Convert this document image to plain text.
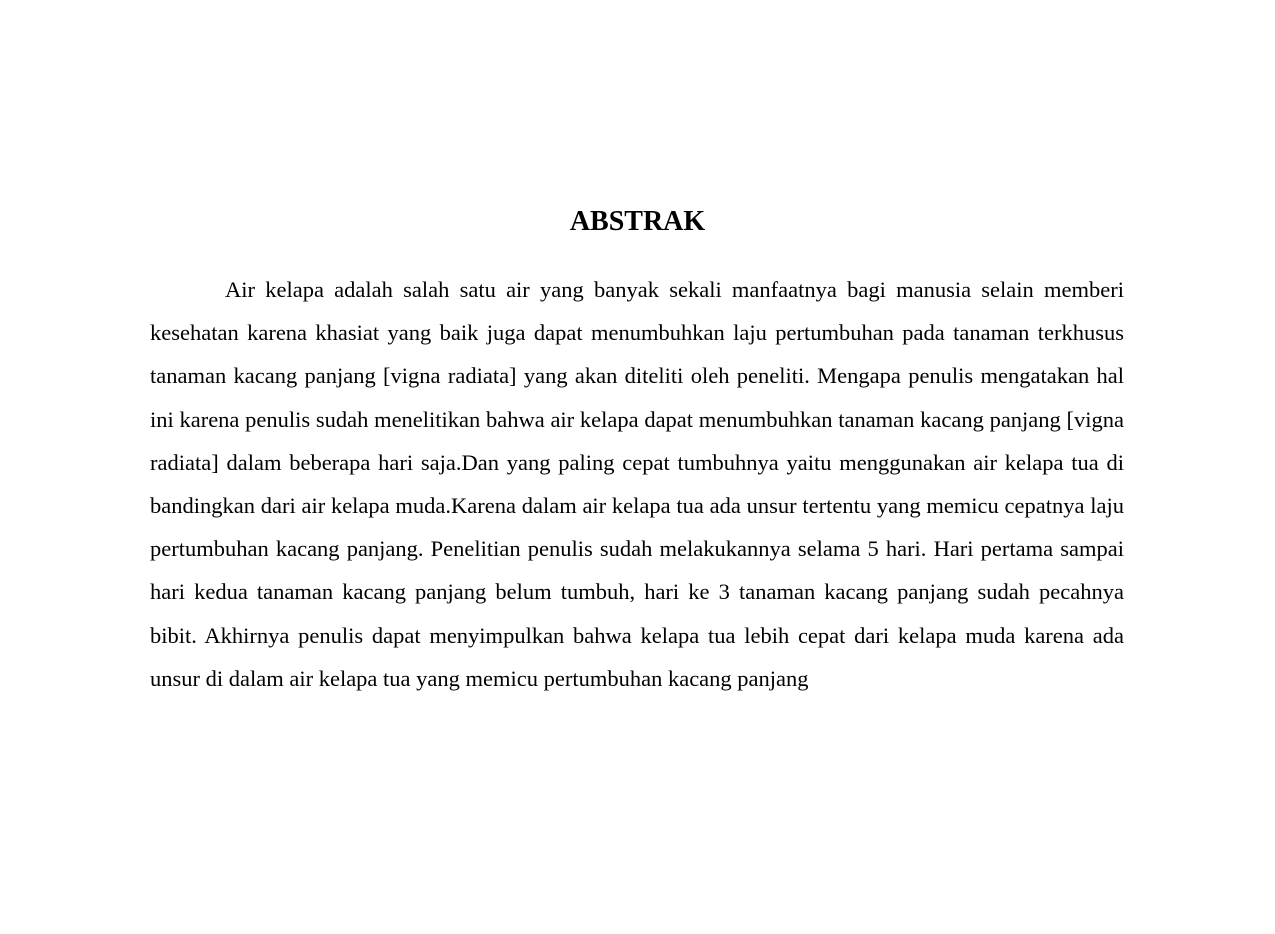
ABSTRAK

Air kelapa adalah salah satu air yang banyak sekali manfaatnya bagi manusia selain memberi kesehatan karena khasiat yang baik juga dapat menumbuhkan laju pertumbuhan pada tanaman terkhusus tanaman kacang panjang [vigna radiata] yang akan diteliti oleh peneliti. Mengapa penulis mengatakan hal ini karena penulis sudah menelitikan bahwa air kelapa dapat menumbuhkan tanaman kacang panjang [vigna radiata] dalam beberapa hari saja.Dan yang paling cepat tumbuhnya yaitu menggunakan air kelapa tua di bandingkan dari air kelapa muda.Karena dalam air kelapa tua ada unsur tertentu yang memicu cepatnya laju pertumbuhan kacang panjang. Penelitian penulis sudah melakukannya selama 5 hari. Hari pertama sampai hari kedua tanaman kacang panjang belum tumbuh, hari ke 3 tanaman kacang panjang sudah pecahnya bibit. Akhirnya penulis dapat menyimpulkan bahwa kelapa tua lebih cepat dari kelapa muda karena ada unsur di dalam air kelapa tua yang memicu pertumbuhan kacang panjang
